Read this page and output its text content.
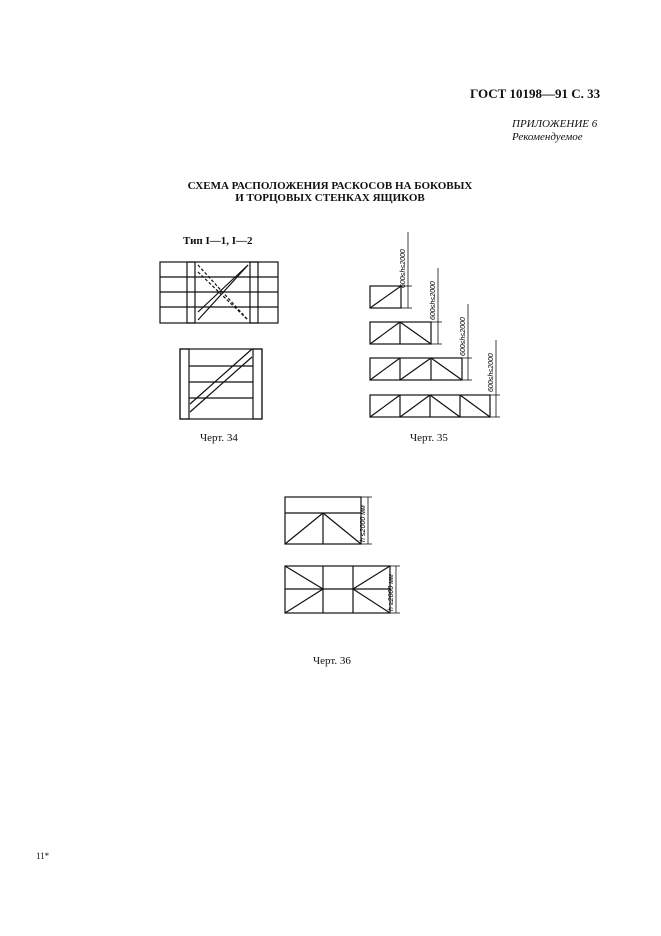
ГОСТ 10198—91 С. 33
ПРИЛОЖЕНИЕ 6
Рекомендуемое
СХЕМА РАСПОЛОЖЕНИЯ РАСКОСОВ НА БОКОВЫХ
И ТОРЦОВЫХ СТЕНКАХ ЯЩИКОВ
Тип I—1, I—2
600≤h≤2000
600≤h≤2000
600≤h≤2000
600≤h≤2000
h ≤2000 мм
h ≥2000 мм
Черт. 34	Черт. 35
Черт. 36
11*
